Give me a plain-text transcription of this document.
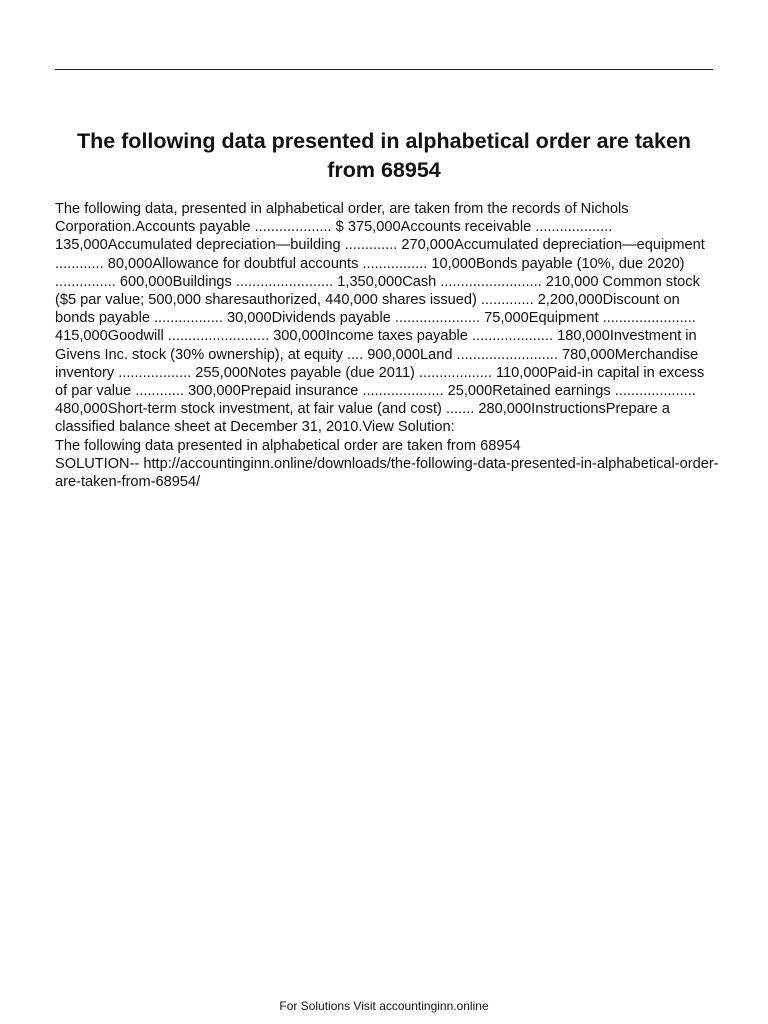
The following data presented in alphabetical order are taken from 68954

The following data, presented in alphabetical order, are taken from the records of Nichols Corporation.Accounts payable ................... $ 375,000Accounts receivable ................... 135,000Accumulated depreciation—building ............. 270,000Accumulated depreciation—equipment ............ 80,000Allowance for doubtful accounts ................ 10,000Bonds payable (10%, due 2020) ............... 600,000Buildings ........................ 1,350,000Cash ......................... 210,000 Common stock ($5 par value; 500,000 sharesauthorized, 440,000 shares issued) ............. 2,200,000Discount on bonds payable ................. 30,000Dividends payable ..................... 75,000Equipment ....................... 415,000Goodwill ......................... 300,000Income taxes payable .................... 180,000Investment in Givens Inc. stock (30% ownership), at equity .... 900,000Land ......................... 780,000Merchandise inventory .................. 255,000Notes payable (due 2011) .................. 110,000Paid-in capital in excess of par value ............ 300,000Prepaid insurance .................... 25,000Retained earnings .................... 480,000Short-term stock investment, at fair value (and cost) ....... 280,000InstructionsPrepare a classified balance sheet at December 31, 2010.View Solution:

The following data presented in alphabetical order are taken from 68954

SOLUTION-- http://accountinginn.online/downloads/the-following-data-presented-in-alphabetical-order-are-taken-from-68954/

For Solutions Visit accountinginn.online
